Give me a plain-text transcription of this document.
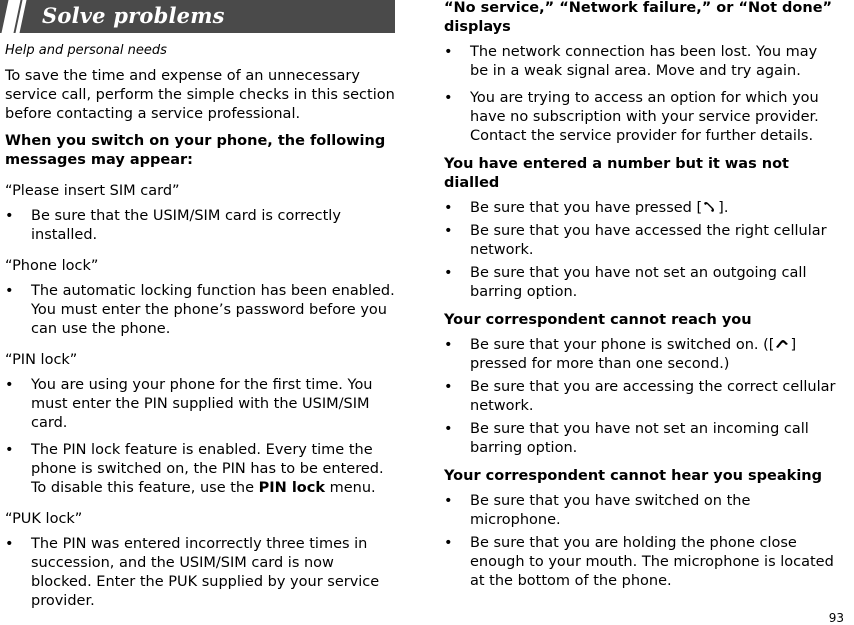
Solve problems
Help and personal needs

To save the time and expense of an unnecessary service call, perform the simple checks in this section before contacting a service professional.

When you switch on your phone, the following messages may appear:

“Please insert SIM card”

•	Be sure that the USIM/SIM card is correctly installed.

“Phone lock”

•	The automatic locking function has been enabled. You must enter the phone’s password before you can use the phone.

“PIN lock”

•	You are using your phone for the first time. You must enter the PIN supplied with the USIM/SIM card.
•	The PIN lock feature is enabled. Every time the phone is switched on, the PIN has to be entered. To disable this feature, use the PIN lock menu.

“PUK lock”

•	The PIN was entered incorrectly three times in succession, and the USIM/SIM card is now blocked. Enter the PUK supplied by your service provider.

“No service,” “Network failure,” or “Not done” displays

•	The network connection has been lost. You may be in a weak signal area. Move and try again.
•	You are trying to access an option for which you have no subscription with your service provider. Contact the service provider for further details.

You have entered a number but it was not dialled

•	Be sure that you have pressed [ ].
•	Be sure that you have accessed the right cellular network.
•	Be sure that you have not set an outgoing call barring option.

Your correspondent cannot reach you

•	Be sure that your phone is switched on. ([ ] pressed for more than one second.)
•	Be sure that you are accessing the correct cellular network.
•	Be sure that you have not set an incoming call barring option.

Your correspondent cannot hear you speaking

•	Be sure that you have switched on the microphone.
•	Be sure that you are holding the phone close enough to your mouth. The microphone is located at the bottom of the phone.
93
